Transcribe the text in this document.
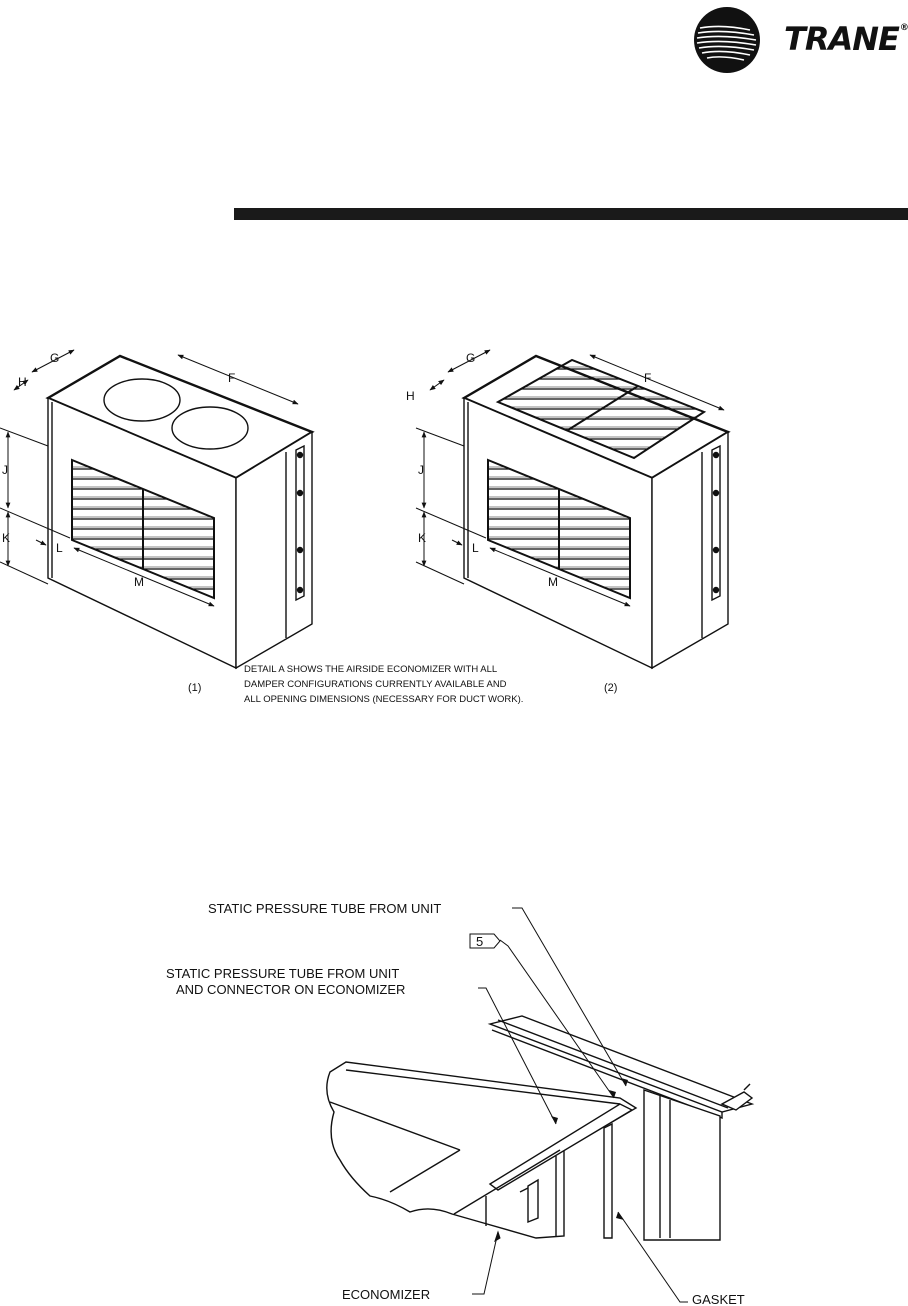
TRANE®
G
H	F
J
K
L
M
G
H
F
J
K
L
M
(1)	(2)
DETAIL A SHOWS THE AIRSIDE ECONOMIZER WITH ALL
DAMPER CONFIGURATIONS CURRENTLY AVAILABLE AND
ALL OPENING DIMENSIONS (NECESSARY FOR DUCT WORK).
STATIC PRESSURE TUBE FROM UNIT
5
STATIC PRESSURE TUBE FROM UNIT
AND CONNECTOR ON ECONOMIZER
ECONOMIZER	GASKET
